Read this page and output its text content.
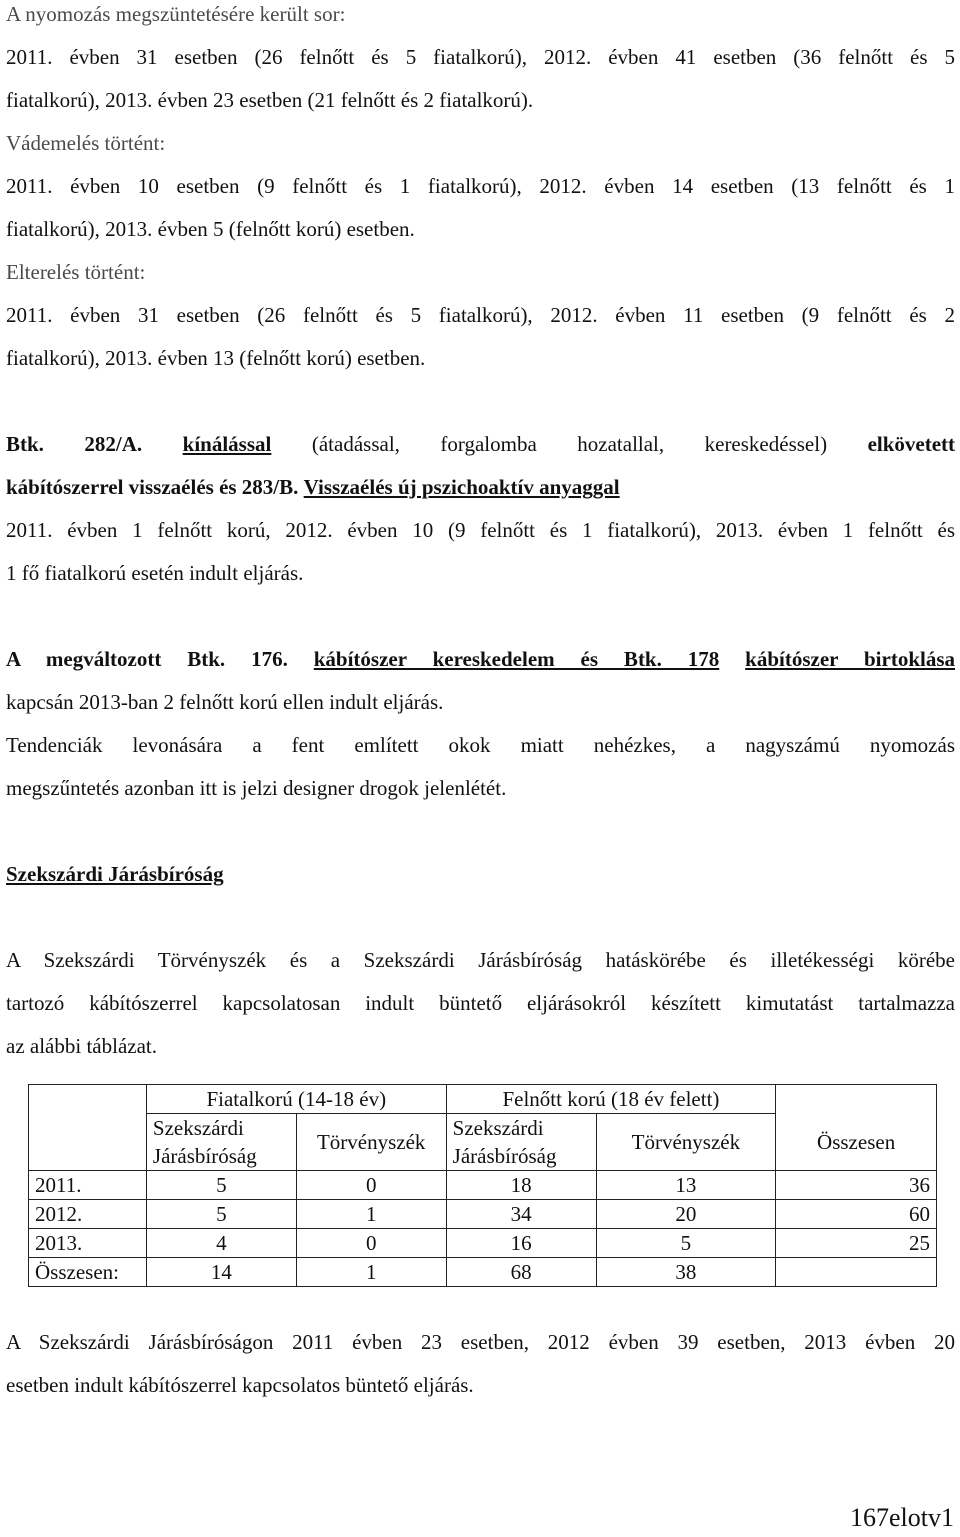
A nyomozás megszüntetésére került sor:

2011. évben 31 esetben (26 felnőtt és 5 fiatalkorú), 2012. évben 41 esetben (36 felnőtt és 5

fiatalkorú), 2013. évben 23 esetben (21 felnőtt és 2 fiatalkorú).

Vádemelés történt:

2011. évben 10 esetben (9 felnőtt és 1 fiatalkorú), 2012. évben 14 esetben (13 felnőtt és 1

fiatalkorú), 2013. évben 5 (felnőtt korú) esetben.

Elterelés történt:

2011. évben 31 esetben (26 felnőtt és 5 fiatalkorú), 2012. évben 11 esetben (9 felnőtt és 2

fiatalkorú), 2013. évben 13 (felnőtt korú) esetben.

Btk. 282/A. kínálással (átadással, forgalomba hozatallal, kereskedéssel) elkövetett

kábítószerrel visszaélés és 283/B. Visszaélés új pszichoaktív anyaggal

2011. évben 1 felnőtt korú, 2012. évben 10 (9 felnőtt és 1 fiatalkorú), 2013. évben 1 felnőtt és

1 fő fiatalkorú esetén indult eljárás.

A megváltozott Btk. 176. kábítószer kereskedelem és Btk. 178 kábítószer birtoklása

kapcsán 2013-ban 2 felnőtt korú ellen indult eljárás.

Tendenciák levonására a fent említett okok miatt nehézkes, a nagyszámú nyomozás

megszűntetés azonban itt is jelzi designer drogok jelenlétét.

Szekszárdi Járásbíróság

A Szekszárdi Törvényszék és a Szekszárdi Járásbíróság hatáskörébe és illetékességi körébe

tartozó kábítószerrel kapcsolatosan indult büntető eljárásokról készített kimutatást tartalmazza

az alábbi táblázat.

A Szekszárdi Járásbíróságon 2011 évben 23 esetben, 2012 évben 39 esetben, 2013 évben 20

esetben indult kábítószerrel kapcsolatos büntető eljárás.

	Fiatalkorú (14-18 év)		Felnőtt korú (18 év felett)		
	Szekszárdi Járásbíróság	Törvényszék	Szekszárdi Járásbíróság	Törvényszék	Összesen
2011.	5	0	18	13	36
2012.	5	1	34	20	60
2013.	4	0	16	5	25
Összesen:	14	1	68	38	
167elotv1
